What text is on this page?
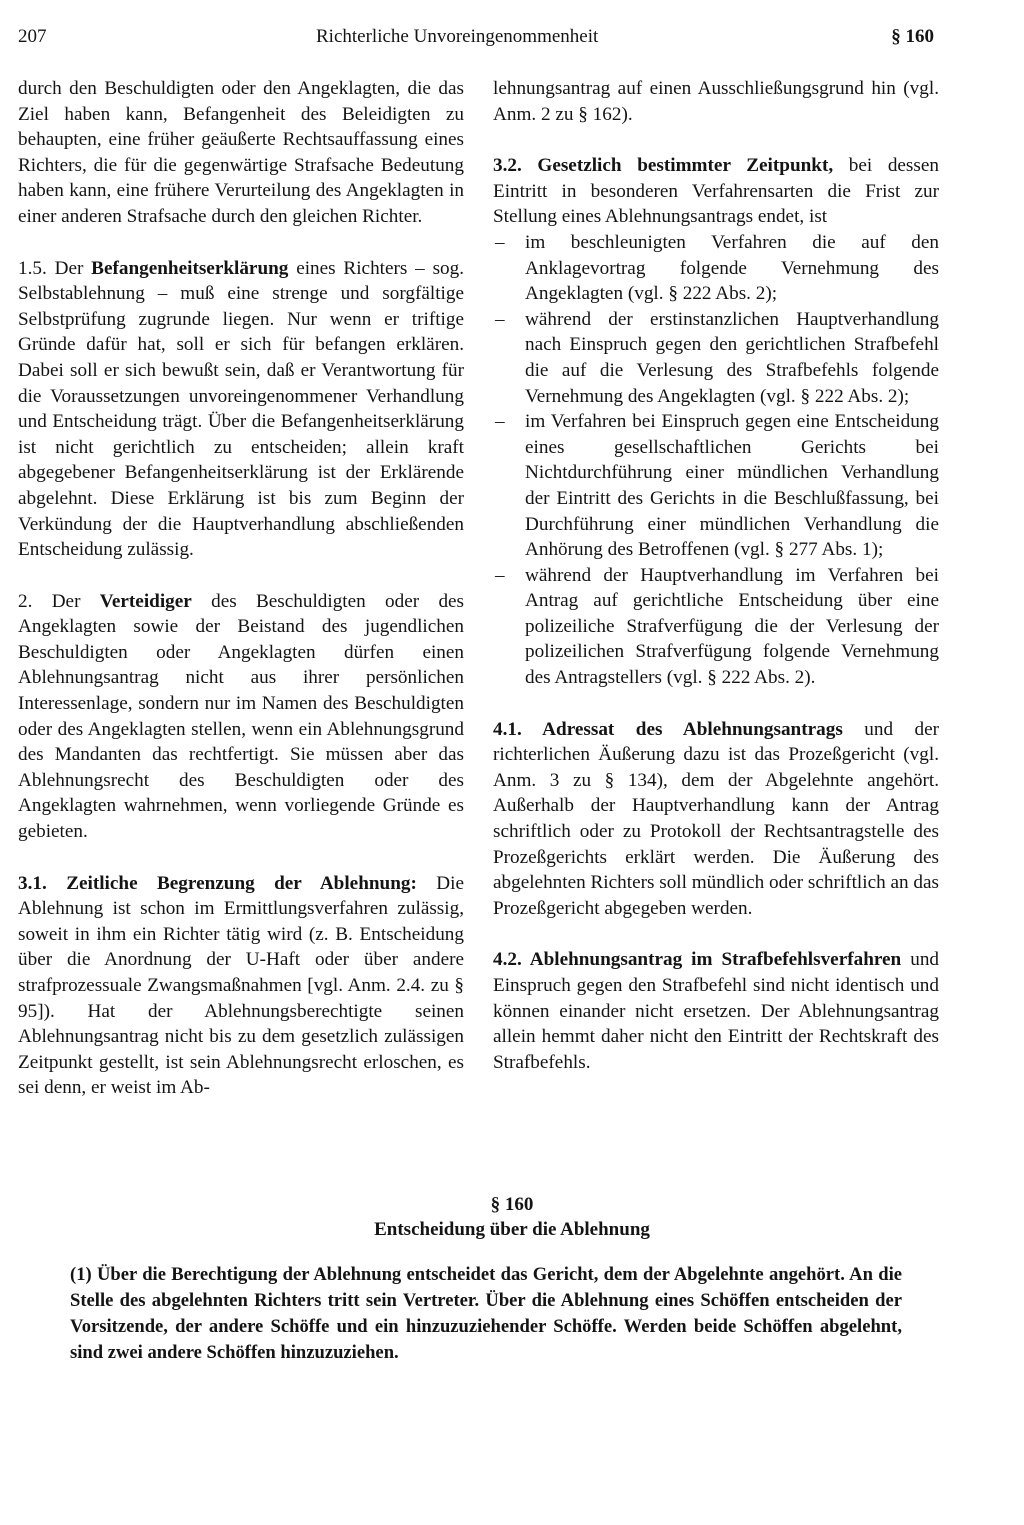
207	Richterliche Unvoreingenommenheit	§ 160

durch den Beschuldigten oder den Angeklagten, die das Ziel haben kann, Befangenheit des Beleidigten zu behaupten, eine früher geäußerte Rechtsauffassung eines Richters, die für die gegenwärtige Strafsache Bedeutung haben kann, eine frühere Verurteilung des Angeklagten in einer anderen Strafsache durch den gleichen Richter.

1.5. Der Befangenheitserklärung eines Richters – sog. Selbstablehnung – muß eine strenge und sorgfältige Selbstprüfung zugrunde liegen. Nur wenn er triftige Gründe dafür hat, soll er sich für befangen erklären. Dabei soll er sich bewußt sein, daß er Verantwortung für die Voraussetzungen unvoreingenommener Verhandlung und Entscheidung trägt. Über die Befangenheitserklärung ist nicht gerichtlich zu entscheiden; allein kraft abgegebener Befangenheitserklärung ist der Erklärende abgelehnt. Diese Erklärung ist bis zum Beginn der Verkündung der die Hauptverhandlung abschließenden Entscheidung zulässig.

2. Der Verteidiger des Beschuldigten oder des Angeklagten sowie der Beistand des jugendlichen Beschuldigten oder Angeklagten dürfen einen Ablehnungsantrag nicht aus ihrer persönlichen Interessenlage, sondern nur im Namen des Beschuldigten oder des Angeklagten stellen, wenn ein Ablehnungsgrund des Mandanten das rechtfertigt. Sie müssen aber das Ablehnungsrecht des Beschuldigten oder des Angeklagten wahrnehmen, wenn vorliegende Gründe es gebieten.

3.1. Zeitliche Begrenzung der Ablehnung: Die Ablehnung ist schon im Ermittlungsverfahren zulässig, soweit in ihm ein Richter tätig wird (z. B. Entscheidung über die Anordnung der U-Haft oder über andere strafprozessuale Zwangsmaßnahmen [vgl. Anm. 2.4. zu § 95]). Hat der Ablehnungsberechtigte seinen Ablehnungsantrag nicht bis zu dem gesetzlich zulässigen Zeitpunkt gestellt, ist sein Ablehnungsrecht erloschen, es sei denn, er weist im Ab-

lehnungsantrag auf einen Ausschließungsgrund hin (vgl. Anm. 2 zu § 162).

3.2. Gesetzlich bestimmter Zeitpunkt, bei dessen Eintritt in besonderen Verfahrensarten die Frist zur Stellung eines Ablehnungsantrags endet, ist
– im beschleunigten Verfahren die auf den Anklagevortrag folgende Vernehmung des Angeklagten (vgl. § 222 Abs. 2);
– während der erstinstanzlichen Hauptverhandlung nach Einspruch gegen den gerichtlichen Strafbefehl die auf die Verlesung des Strafbefehls folgende Vernehmung des Angeklagten (vgl. § 222 Abs. 2);
– im Verfahren bei Einspruch gegen eine Entscheidung eines gesellschaftlichen Gerichts bei Nichtdurchführung einer mündlichen Verhandlung der Eintritt des Gerichts in die Beschlußfassung, bei Durchführung einer mündlichen Verhandlung die Anhörung des Betroffenen (vgl. § 277 Abs. 1);
– während der Hauptverhandlung im Verfahren bei Antrag auf gerichtliche Entscheidung über eine polizeiliche Strafverfügung die der Verlesung der polizeilichen Strafverfügung folgende Vernehmung des Antragstellers (vgl. § 222 Abs. 2).

4.1. Adressat des Ablehnungsantrags und der richterlichen Äußerung dazu ist das Prozeßgericht (vgl. Anm. 3 zu § 134), dem der Abgelehnte angehört. Außerhalb der Hauptverhandlung kann der Antrag schriftlich oder zu Protokoll der Rechtsantragstelle des Prozeßgerichts erklärt werden. Die Äußerung des abgelehnten Richters soll mündlich oder schriftlich an das Prozeßgericht abgegeben werden.

4.2. Ablehnungsantrag im Strafbefehlsverfahren und Einspruch gegen den Strafbefehl sind nicht identisch und können einander nicht ersetzen. Der Ablehnungsantrag allein hemmt daher nicht den Eintritt der Rechtskraft des Strafbefehls.

§ 160
Entscheidung über die Ablehnung
(1) Über die Berechtigung der Ablehnung entscheidet das Gericht, dem der Abgelehnte angehört. An die Stelle des abgelehnten Richters tritt sein Vertreter. Über die Ablehnung eines Schöffen entscheiden der Vorsitzende, der andere Schöffe und ein hinzuzuziehender Schöffe. Werden beide Schöffen abgelehnt, sind zwei andere Schöffen hinzuzuziehen.
